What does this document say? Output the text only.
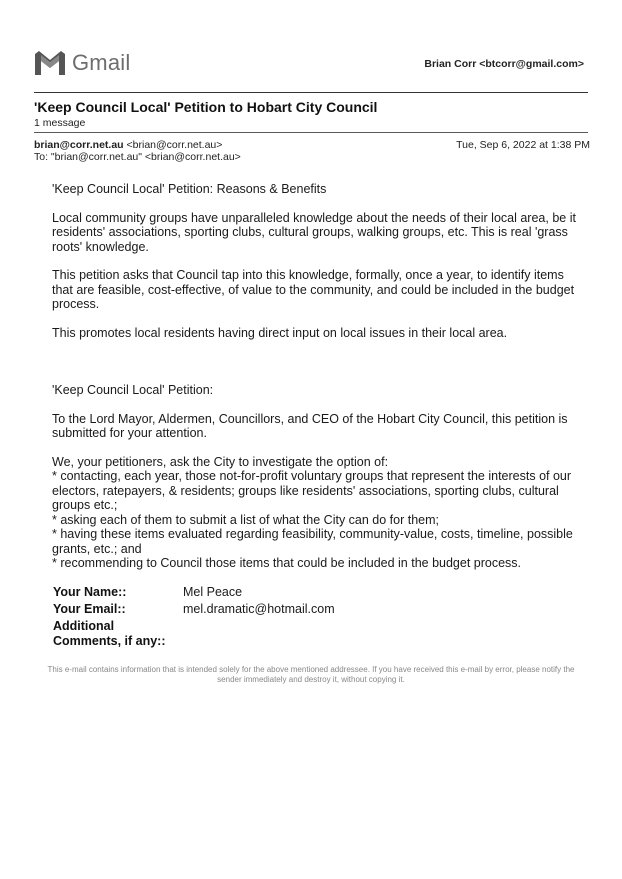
Gmail	Brian Corr <btcorr@gmail.com>
'Keep Council Local' Petition to Hobart City Council
1 message
brian@corr.net.au <brian@corr.net.au>
To: "brian@corr.net.au" <brian@corr.net.au>
Tue, Sep 6, 2022 at 1:38 PM

'Keep Council Local' Petition: Reasons & Benefits

Local community groups have unparalleled knowledge about the needs of their local area, be it residents' associations, sporting clubs, cultural groups, walking groups, etc. This is real 'grass roots' knowledge.

This petition asks that Council tap into this knowledge, formally, once a year, to identify items that are feasible, cost-effective, of value to the community, and could be included in the budget process.

This promotes local residents having direct input on local issues in their local area.

'Keep Council Local' Petition:

To the Lord Mayor, Aldermen, Councillors, and CEO of the Hobart City Council, this petition is submitted for your attention.

We, your petitioners, ask the City to investigate the option of:

* contacting, each year, those not-for-profit voluntary groups that represent the interests of our electors, ratepayers, & residents; groups like residents' associations, sporting clubs, cultural groups etc.;
* asking each of them to submit a list of what the City can do for them;
* having these items evaluated regarding feasibility, community-value, costs, timeline, possible grants, etc.; and
* recommending to Council those items that could be included in the budget process.
Your Name::	Mel Peace
Your Email::	mel.dramatic@hotmail.com
Additional
Comments, if any::
This e-mail contains information that is intended solely for the above mentioned addressee. If you have received this e-mail by error, please notify the sender immediately and destroy it, without copying it.
